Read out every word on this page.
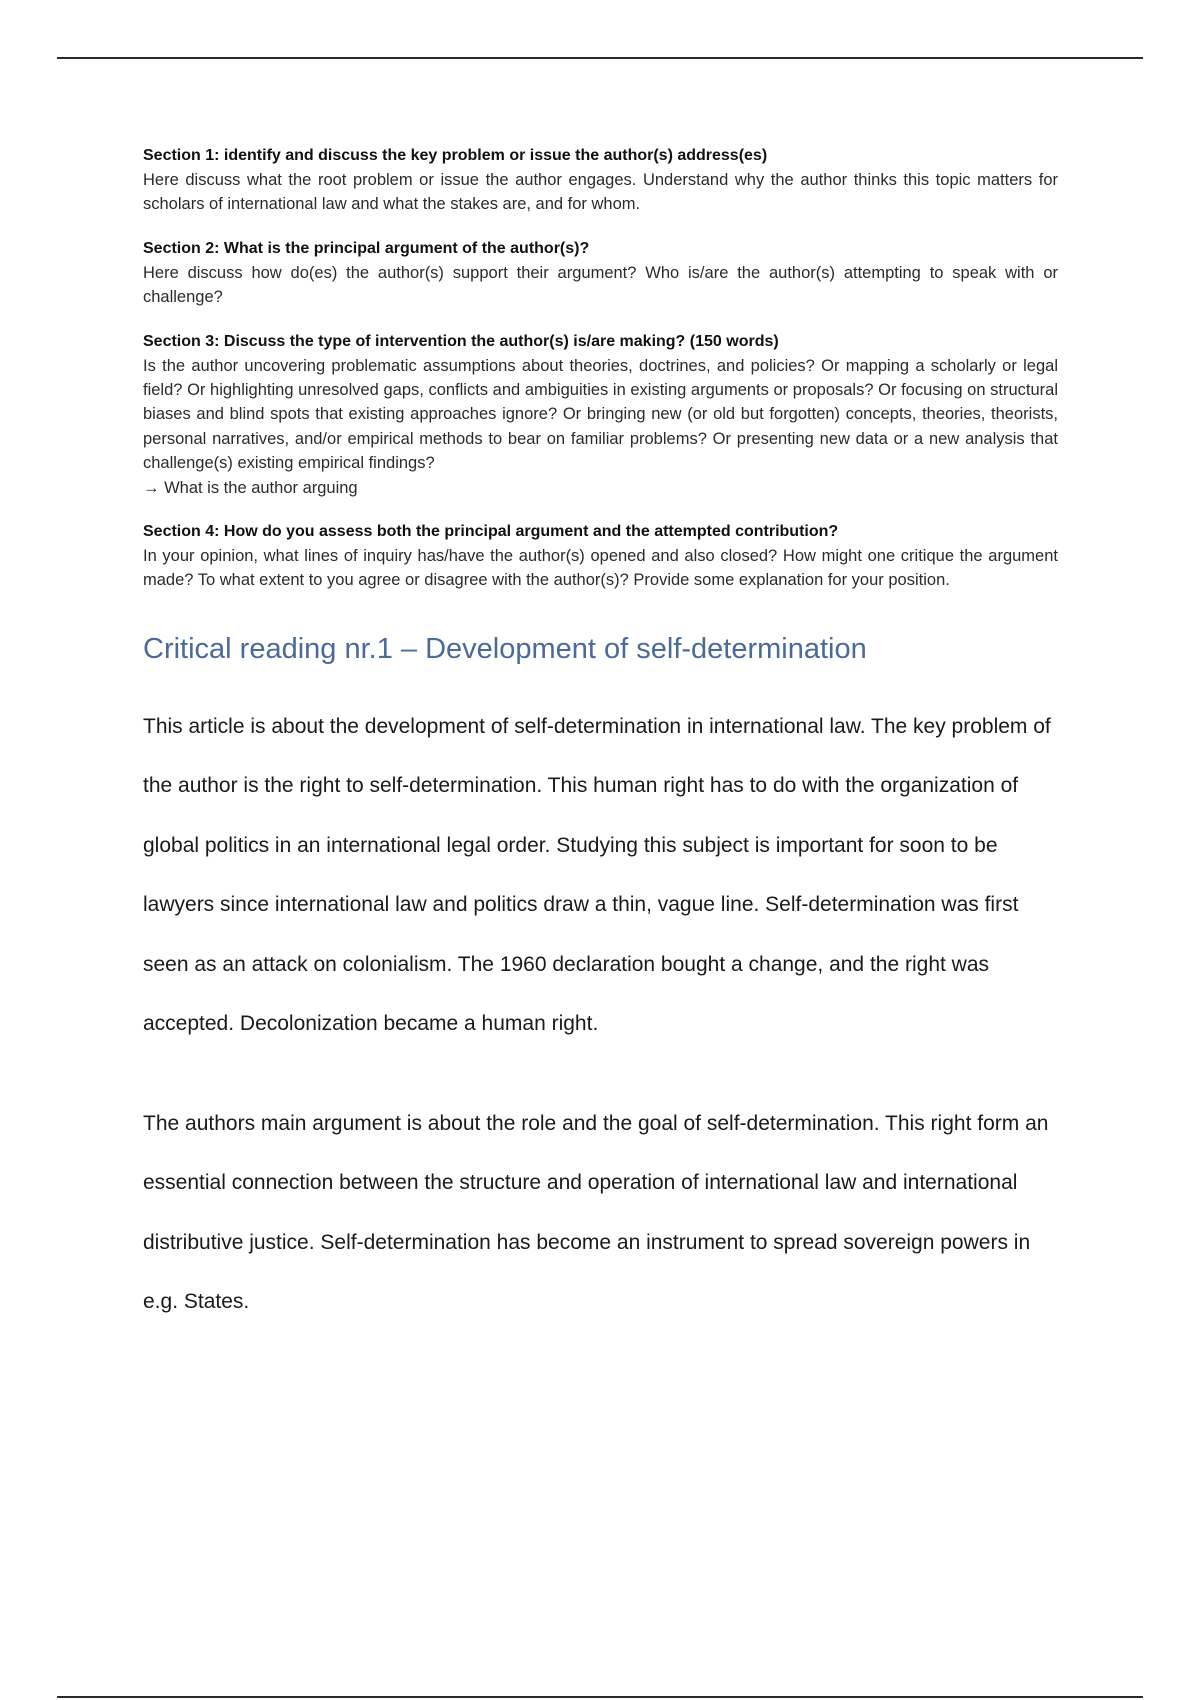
Section 1: identify and discuss the key problem or issue the author(s) address(es)
Here discuss what the root problem or issue the author engages. Understand why the author thinks this topic matters for scholars of international law and what the stakes are, and for whom.
Section 2: What is the principal argument of the author(s)?
Here discuss how do(es) the author(s) support their argument? Who is/are the author(s) attempting to speak with or challenge?
Section 3: Discuss the type of intervention the author(s) is/are making? (150 words)
Is the author uncovering problematic assumptions about theories, doctrines, and policies? Or mapping a scholarly or legal field? Or highlighting unresolved gaps, conflicts and ambiguities in existing arguments or proposals? Or focusing on structural biases and blind spots that existing approaches ignore? Or bringing new (or old but forgotten) concepts, theories, theorists, personal narratives, and/or empirical methods to bear on familiar problems? Or presenting new data or a new analysis that challenge(s) existing empirical findings?
→ What is the author arguing
Section 4: How do you assess both the principal argument and the attempted contribution?
In your opinion, what lines of inquiry has/have the author(s) opened and also closed? How might one critique the argument made? To what extent to you agree or disagree with the author(s)? Provide some explanation for your position.
Critical reading nr.1 – Development of self-determination

This article is about the development of self-determination in international law. The key problem of the author is the right to self-determination. This human right has to do with the organization of global politics in an international legal order. Studying this subject is important for soon to be lawyers since international law and politics draw a thin, vague line. Self-determination was first seen as an attack on colonialism. The 1960 declaration bought a change, and the right was accepted. Decolonization became a human right.

The authors main argument is about the role and the goal of self-determination. This right form an essential connection between the structure and operation of international law and international distributive justice. Self-determination has become an instrument to spread sovereign powers in e.g. States.
